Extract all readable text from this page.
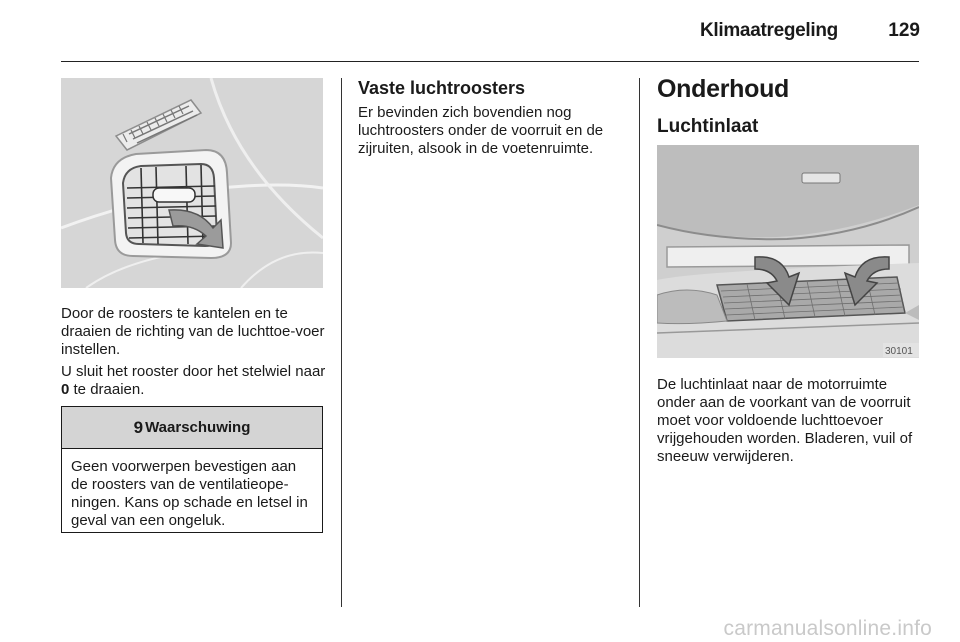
Klimaatregeling	129
Door de roosters te kantelen en te draaien de richting van de luchttoe-voer instellen.
U sluit het rooster door het stelwiel naar 0 te draaien.
9 Waarschuwing
Geen voorwerpen bevestigen aan de roosters van de ventilatieope-ningen. Kans op schade en letsel in geval van een ongeluk.
Vaste luchtroosters
Er bevinden zich bovendien nog luchtroosters onder de voorruit en de zijruiten, alsook in de voetenruimte.
Onderhoud
Luchtinlaat
30101
De luchtinlaat naar de motorruimte onder aan de voorkant van de voorruit moet voor voldoende luchttoevoer vrijgehouden worden. Bladeren, vuil of sneeuw verwijderen.
carmanualsonline.info
